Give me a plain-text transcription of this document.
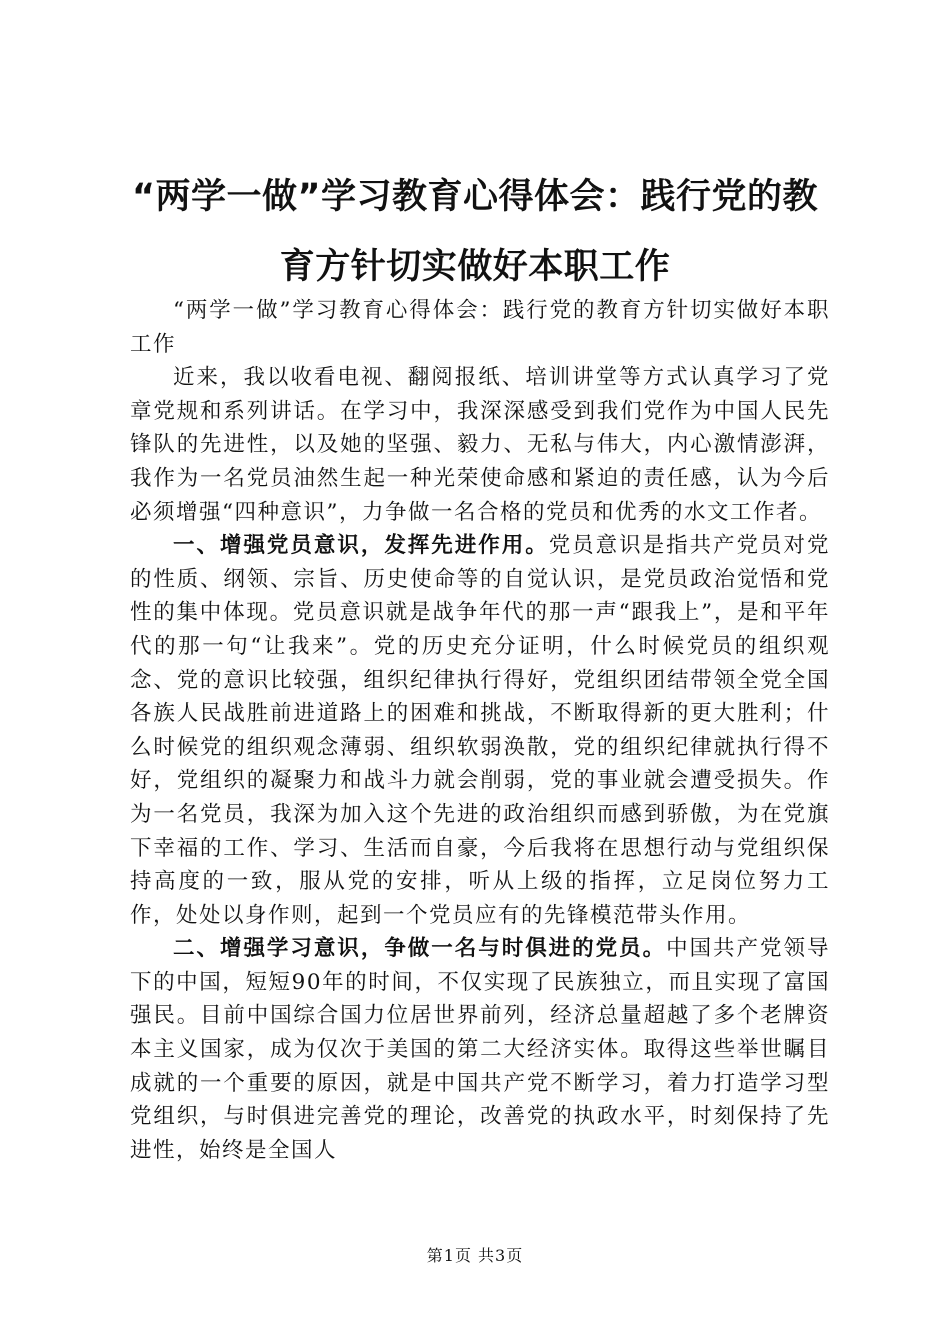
“两学一做”学习教育心得体会：践行党的教育方针切实做好本职工作

“两学一做”学习教育心得体会：践行党的教育方针切实做好本职工作

近来，我以收看电视、翻阅报纸、培训讲堂等方式认真学习了党章党规和系列讲话。在学习中，我深深感受到我们党作为中国人民先锋队的先进性，以及她的坚强、毅力、无私与伟大，内心激情澎湃，我作为一名党员油然生起一种光荣使命感和紧迫的责任感，认为今后必须增强“四种意识”，力争做一名合格的党员和优秀的水文工作者。

一、增强党员意识，发挥先进作用。党员意识是指共产党员对党的性质、纲领、宗旨、历史使命等的自觉认识，是党员政治觉悟和党性的集中体现。党员意识就是战争年代的那一声“跟我上”，是和平年代的那一句“让我来”。党的历史充分证明，什么时候党员的组织观念、党的意识比较强，组织纪律执行得好，党组织团结带领全党全国各族人民战胜前进道路上的困难和挑战，不断取得新的更大胜利；什么时候党的组织观念薄弱、组织软弱涣散，党的组织纪律就执行得不好，党组织的凝聚力和战斗力就会削弱，党的事业就会遭受损失。作为一名党员，我深为加入这个先进的政治组织而感到骄傲，为在党旗下幸福的工作、学习、生活而自豪，今后我将在思想行动与党组织保持高度的一致，服从党的安排，听从上级的指挥，立足岗位努力工作，处处以身作则，起到一个党员应有的先锋模范带头作用。

二、增强学习意识，争做一名与时俱进的党员。中国共产党领导下的中国，短短90年的时间，不仅实现了民族独立，而且实现了富国强民。目前中国综合国力位居世界前列，经济总量超越了多个老牌资本主义国家，成为仅次于美国的第二大经济实体。取得这些举世瞩目成就的一个重要的原因，就是中国共产党不断学习，着力打造学习型党组织，与时俱进完善党的理论，改善党的执政水平，时刻保持了先进性，始终是全国人

第1页 共3页
